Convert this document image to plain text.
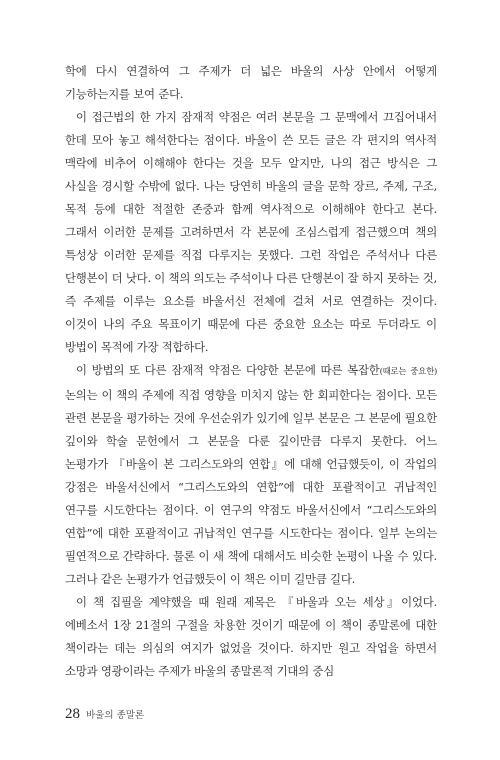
학에 다시 연결하여 그 주제가 더 넓은 바울의 사상 안에서 어떻게 기능하는지를 보여 준다.

이 접근법의 한 가지 잠재적 약점은 여러 본문을 그 문맥에서 끄집어내서 한데 모아 놓고 해석한다는 점이다. 바울이 쓴 모든 글은 각 편지의 역사적 맥락에 비추어 이해해야 한다는 것을 모두 알지만, 나의 접근 방식은 그 사실을 경시할 수밖에 없다. 나는 당연히 바울의 글을 문학 장르, 주제, 구조, 목적 등에 대한 적절한 존중과 함께 역사적으로 이해해야 한다고 본다. 그래서 이러한 문제를 고려하면서 각 본문에 조심스럽게 접근했으며 책의 특성상 이러한 문제를 직접 다루지는 못했다. 그런 작업은 주석서나 다른 단행본이 더 낫다. 이 책의 의도는 주석이나 다른 단행본이 잘 하지 못하는 것, 즉 주제를 이루는 요소를 바울서신 전체에 걸쳐 서로 연결하는 것이다. 이것이 나의 주요 목표이기 때문에 다른 중요한 요소는 따로 두더라도 이 방법이 목적에 가장 적합하다.

이 방법의 또 다른 잠재적 약점은 다양한 본문에 따른 복잡한(때로는 중요한) 논의는 이 책의 주제에 직접 영향을 미치지 않는 한 회피한다는 점이다. 모든 관련 본문을 평가하는 것에 우선순위가 있기에 일부 본문은 그 본문에 필요한 깊이와 학술 문헌에서 그 본문을 다룬 깊이만큼 다루지 못한다. 어느 논평가가 『바울이 본 그리스도와의 연합』에 대해 언급했듯이, 이 작업의 강점은 바울서신에서 “그리스도와의 연합”에 대한 포괄적이고 귀납적인 연구를 시도한다는 점이다. 이 연구의 약점도 바울서신에서 “그리스도와의 연합”에 대한 포괄적이고 귀납적인 연구를 시도한다는 점이다. 일부 논의는 필연적으로 간략하다. 물론 이 새 책에 대해서도 비슷한 논평이 나올 수 있다. 그러나 같은 논평가가 언급했듯이 이 책은 이미 길만큼 길다.

이 책 집필을 계약했을 때 원래 제목은 『바울과 오는 세상』이었다. 에베소서 1장 21절의 구절을 차용한 것이기 때문에 이 책이 종말론에 대한 책이라는 데는 의심의 여지가 없었을 것이다. 하지만 원고 작업을 하면서 소망과 영광이라는 주제가 바울의 종말론적 기대의 중심

28 바울의 종말론
